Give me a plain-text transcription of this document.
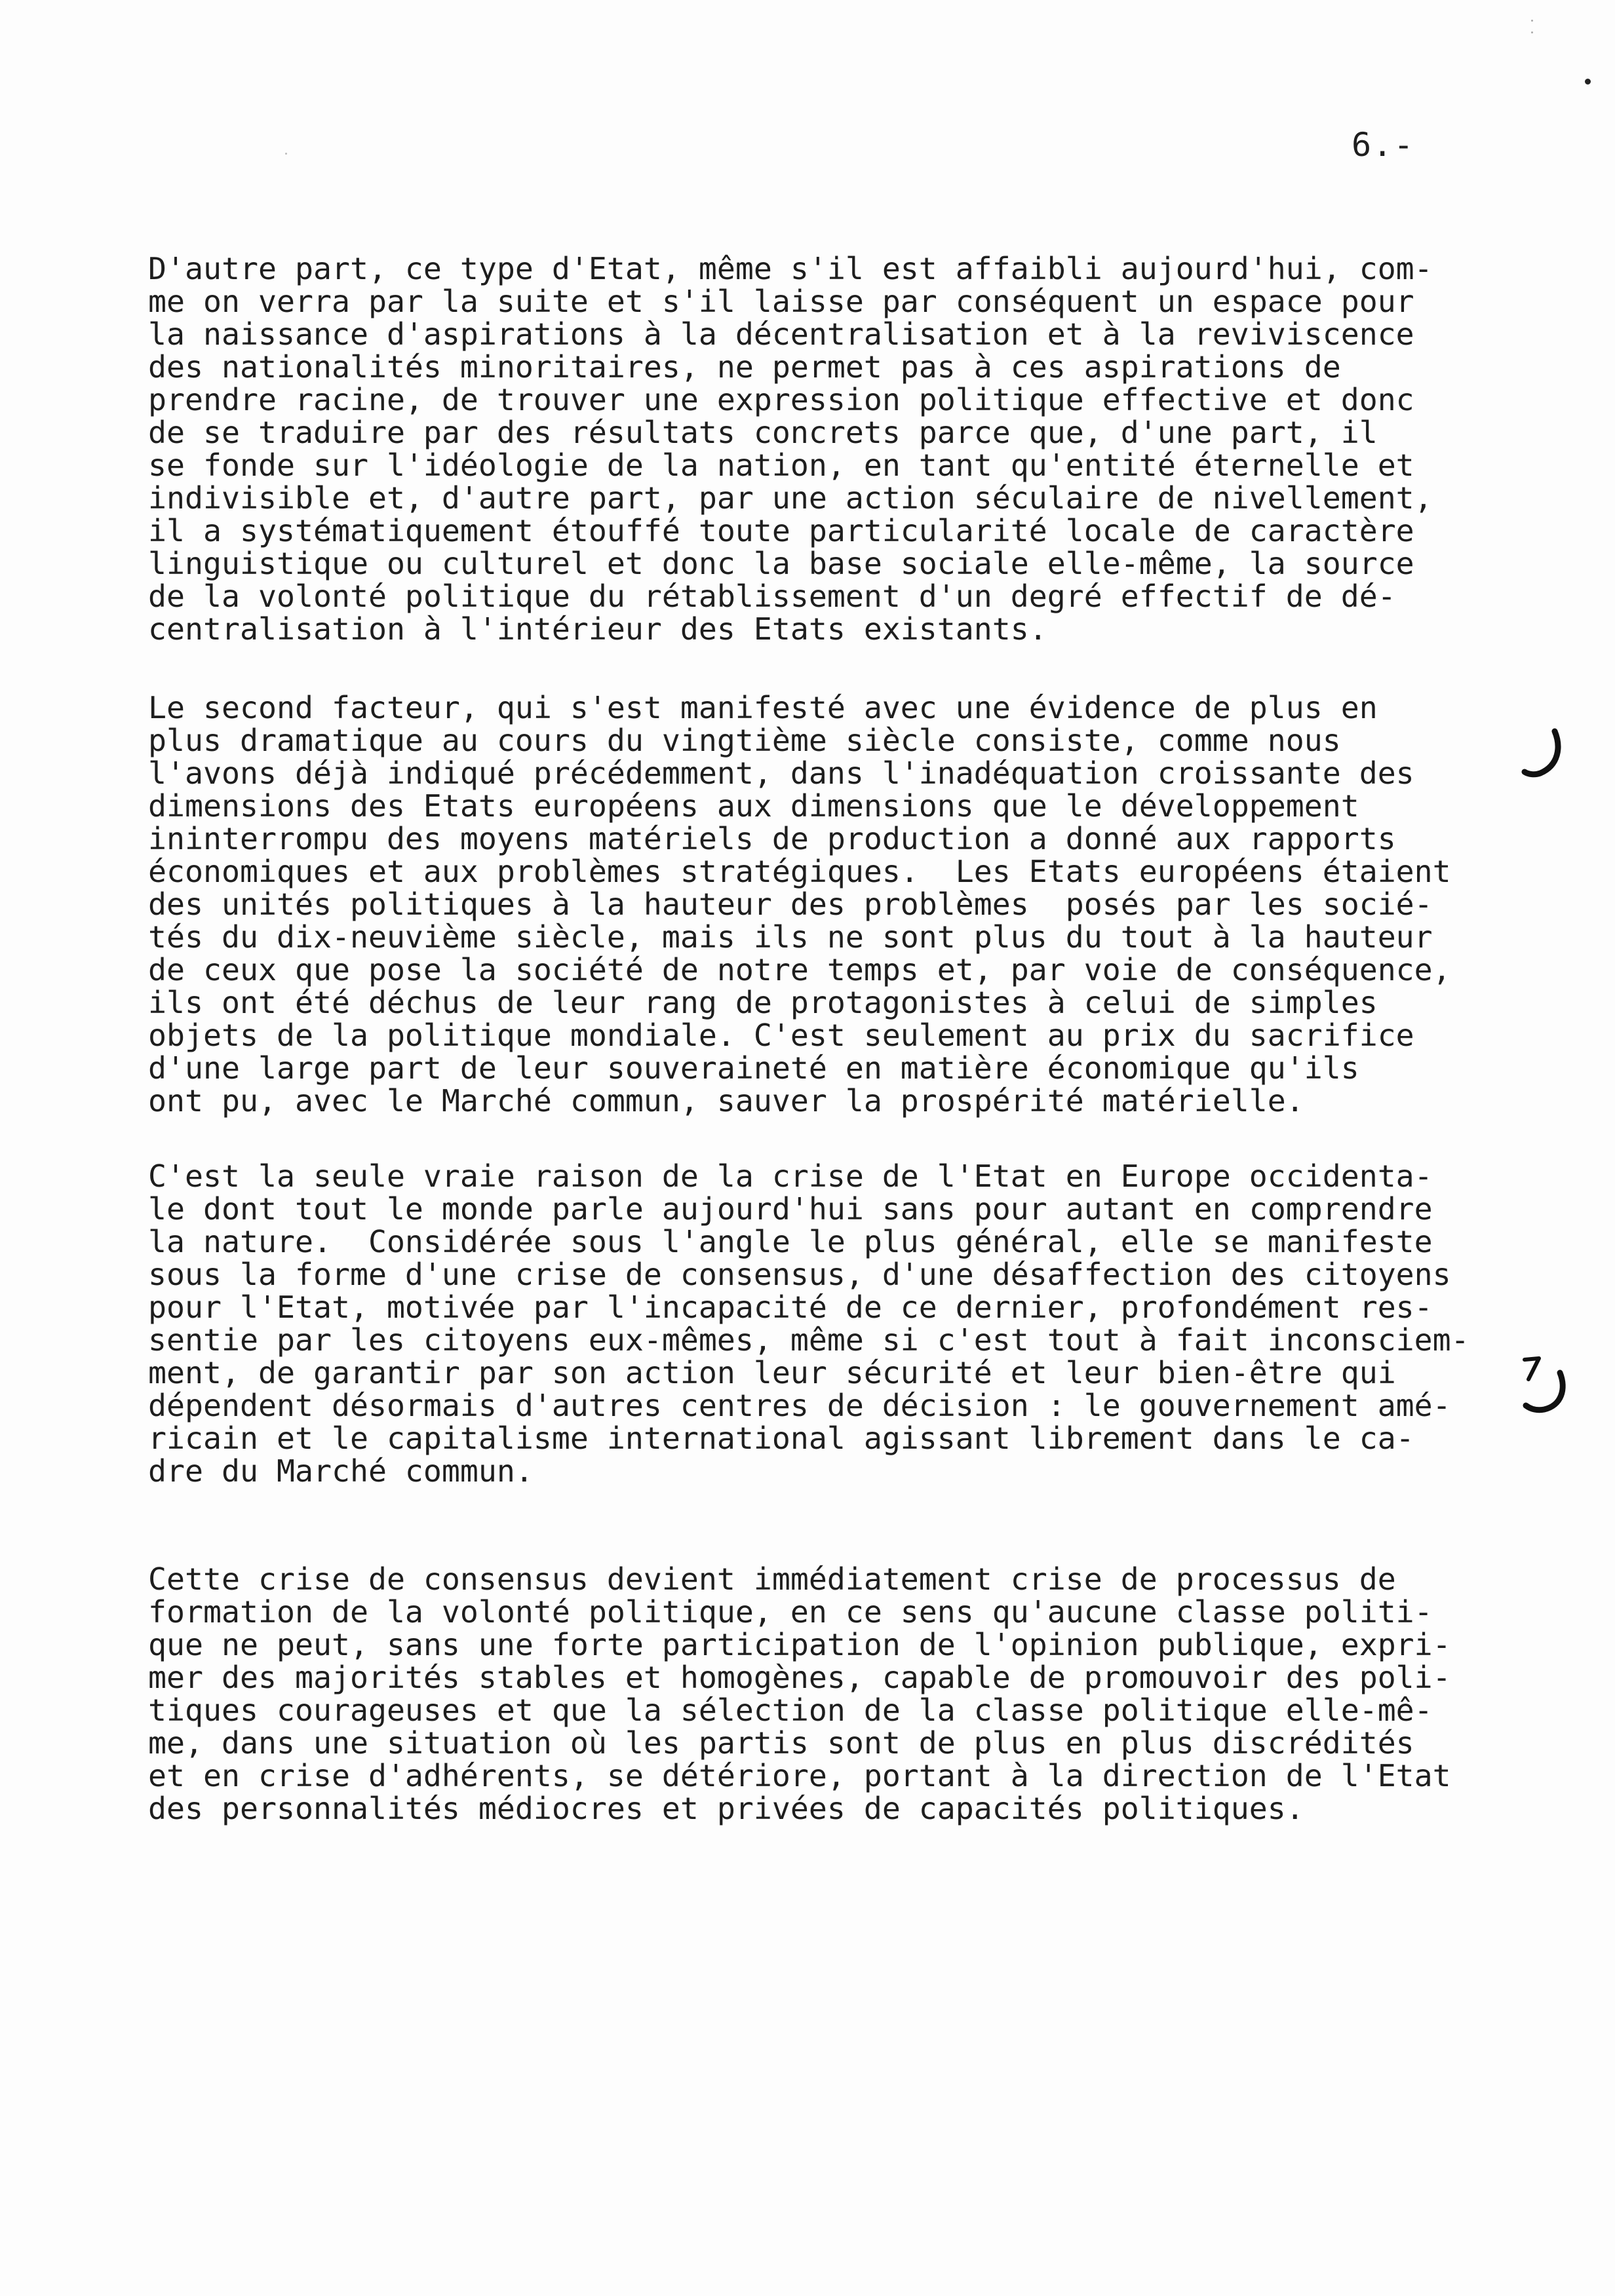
6.-
D'autre part, ce type d'Etat, même s'il est affaibli aujourd'hui, com-
me on verra par la suite et s'il laisse par conséquent un espace pour
la naissance d'aspirations à la décentralisation et à la reviviscence
des nationalités minoritaires, ne permet pas à ces aspirations de
prendre racine, de trouver une expression politique effective et donc
de se traduire par des résultats concrets parce que, d'une part, il
se fonde sur l'idéologie de la nation, en tant qu'entité éternelle et
indivisible et, d'autre part, par une action séculaire de nivellement,
il a systématiquement étouffé toute particularité locale de caractère
linguistique ou culturel et donc la base sociale elle-même, la source
de la volonté politique du rétablissement d'un degré effectif de dé-
centralisation à l'intérieur des Etats existants.
Le second facteur, qui s'est manifesté avec une évidence de plus en
plus dramatique au cours du vingtième siècle consiste, comme nous
l'avons déjà indiqué précédemment, dans l'inadéquation croissante des
dimensions des Etats européens aux dimensions que le développement
ininterrompu des moyens matériels de production a donné aux rapports
économiques et aux problèmes stratégiques.  Les Etats européens étaient
des unités politiques à la hauteur des problèmes  posés par les socié-
tés du dix-neuvième siècle, mais ils ne sont plus du tout à la hauteur
de ceux que pose la société de notre temps et, par voie de conséquence,
ils ont été déchus de leur rang de protagonistes à celui de simples
objets de la politique mondiale. C'est seulement au prix du sacrifice
d'une large part de leur souveraineté en matière économique qu'ils
ont pu, avec le Marché commun, sauver la prospérité matérielle.
C'est la seule vraie raison de la crise de l'Etat en Europe occidenta-
le dont tout le monde parle aujourd'hui sans pour autant en comprendre
la nature.  Considérée sous l'angle le plus général, elle se manifeste
sous la forme d'une crise de consensus, d'une désaffection des citoyens
pour l'Etat, motivée par l'incapacité de ce dernier, profondément res-
sentie par les citoyens eux-mêmes, même si c'est tout à fait inconsciem-
ment, de garantir par son action leur sécurité et leur bien-être qui
dépendent désormais d'autres centres de décision : le gouvernement amé-
ricain et le capitalisme international agissant librement dans le ca-
dre du Marché commun.
Cette crise de consensus devient immédiatement crise de processus de
formation de la volonté politique, en ce sens qu'aucune classe politi-
que ne peut, sans une forte participation de l'opinion publique, expri-
mer des majorités stables et homogènes, capable de promouvoir des poli-
tiques courageuses et que la sélection de la classe politique elle-mê-
me, dans une situation où les partis sont de plus en plus discrédités
et en crise d'adhérents, se détériore, portant à la direction de l'Etat
des personnalités médiocres et privées de capacités politiques.
